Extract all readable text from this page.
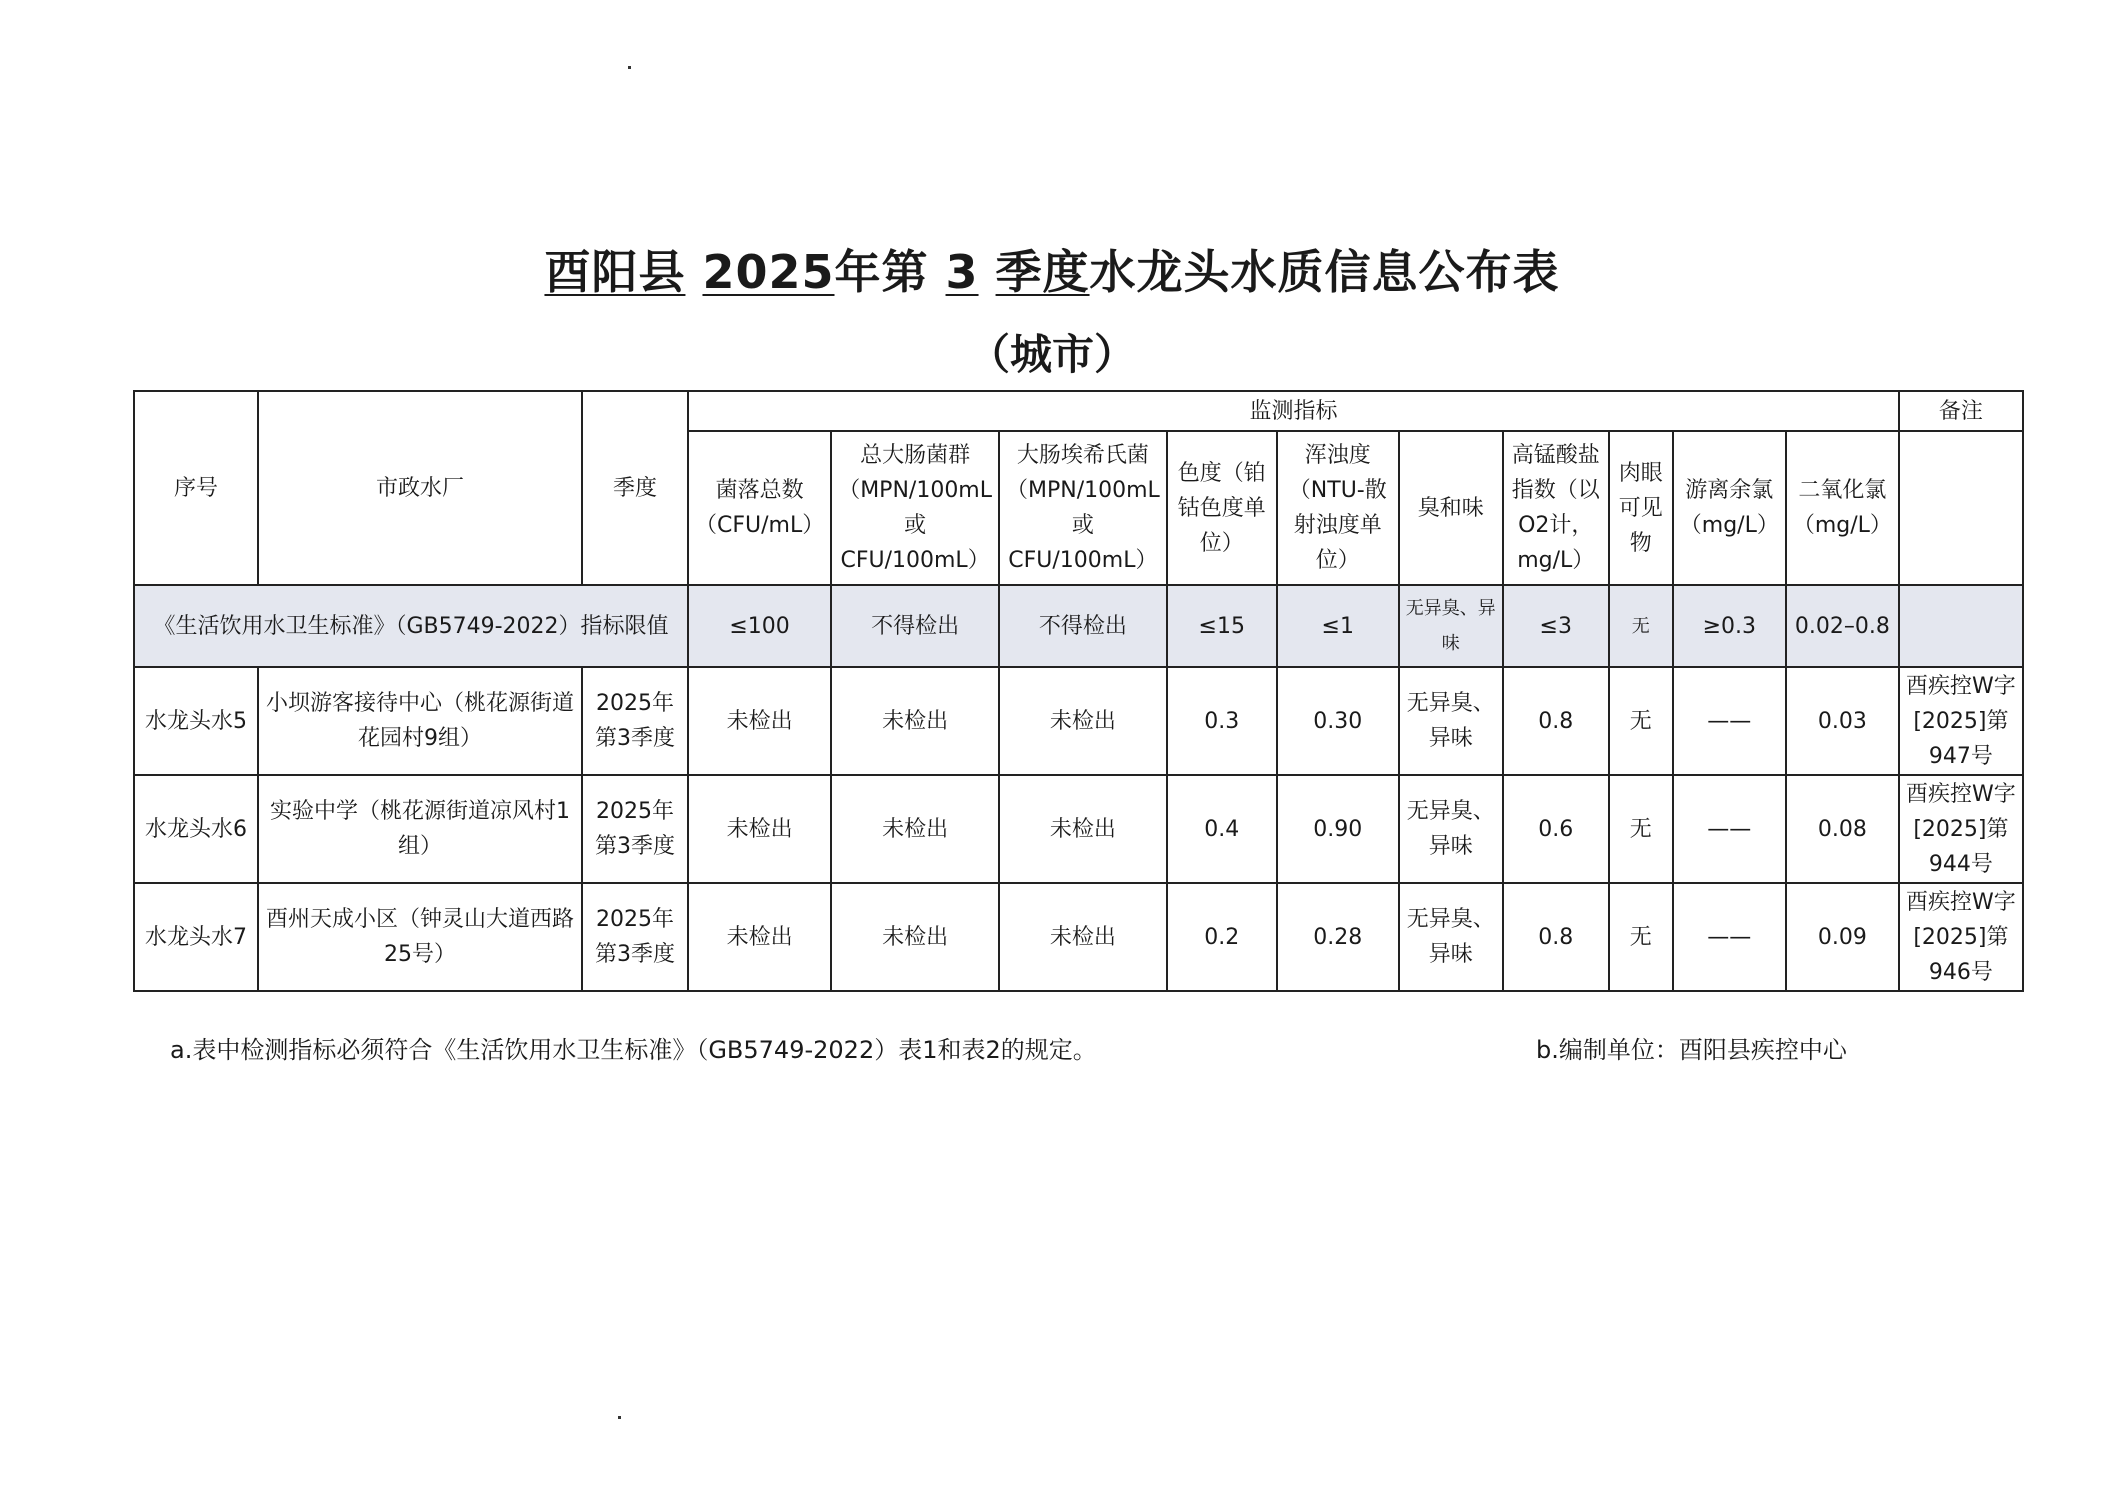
酉阳县 2025年第 3 季度水龙头水质信息公布表
（城市）
序号	市政水厂	季度	监测指标										备注
			菌落总数（CFU/mL）	总大肠菌群（MPN/100mL或CFU/100mL）	大肠埃希氏菌（MPN/100mL或CFU/100mL）	色度（铂钴色度单位）	浑浊度（NTU-散射浊度单位）	臭和味	高锰酸盐指数（以O2计，mg/L）	肉眼可见物	游离余氯（mg/L）	二氧化氯（mg/L）	
《生活饮用水卫生标准》（GB5749-2022）指标限值			≤100	不得检出	不得检出	≤15	≤1	无异臭、异味	≤3	无	≥0.3	0.02–0.8	
水龙头水5	小坝游客接待中心（桃花源街道花园村9组）	2025年第3季度	未检出	未检出	未检出	0.3	0.30	无异臭、异味	0.8	无	——	0.03	酉疾控W字[2025]第947号
水龙头水6	实验中学（桃花源街道凉风村1组）	2025年第3季度	未检出	未检出	未检出	0.4	0.90	无异臭、异味	0.6	无	——	0.08	酉疾控W字[2025]第944号
水龙头水7	酉州天成小区（钟灵山大道西路25号）	2025年第3季度	未检出	未检出	未检出	0.2	0.28	无异臭、异味	0.8	无	——	0.09	酉疾控W字[2025]第946号
a.表中检测指标必须符合《生活饮用水卫生标准》（GB5749-2022）表1和表2的规定。	b.编制单位：酉阳县疾控中心
